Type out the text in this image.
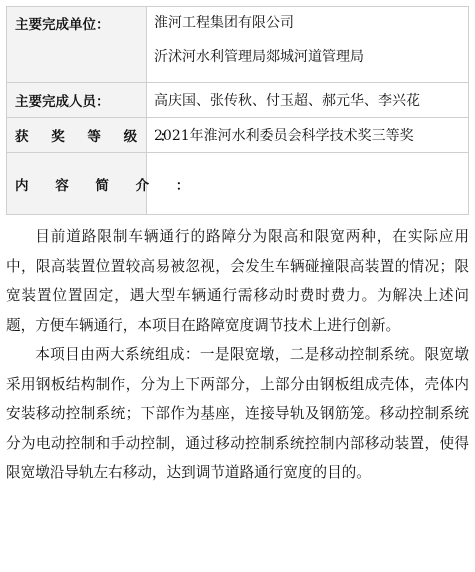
主要完成单位：	淮河工程集团有限公司
沂沭河水利管理局郯城河道管理局

主要完成人员：	高庆国、张传秋、付玉超、郝元华、李兴花
获 奖 等 级 ：	2021年淮河水利委员会科学技术奖三等奖
内 容 简 介 ：	

目前道路限制车辆通行的路障分为限高和限宽两种，在实际应用中，限高装置位置较高易被忽视，会发生车辆碰撞限高装置的情况；限宽装置位置固定，遇大型车辆通行需移动时费时费力。为解决上述问题，方便车辆通行，本项目在路障宽度调节技术上进行创新。

本项目由两大系统组成：一是限宽墩，二是移动控制系统。限宽墩采用钢板结构制作，分为上下两部分，上部分由钢板组成壳体，壳体内安装移动控制系统；下部作为基座，连接导轨及钢筋笼。移动控制系统分为电动控制和手动控制，通过移动控制系统控制内部移动装置，使得限宽墩沿导轨左右移动，达到调节道路通行宽度的目的。
